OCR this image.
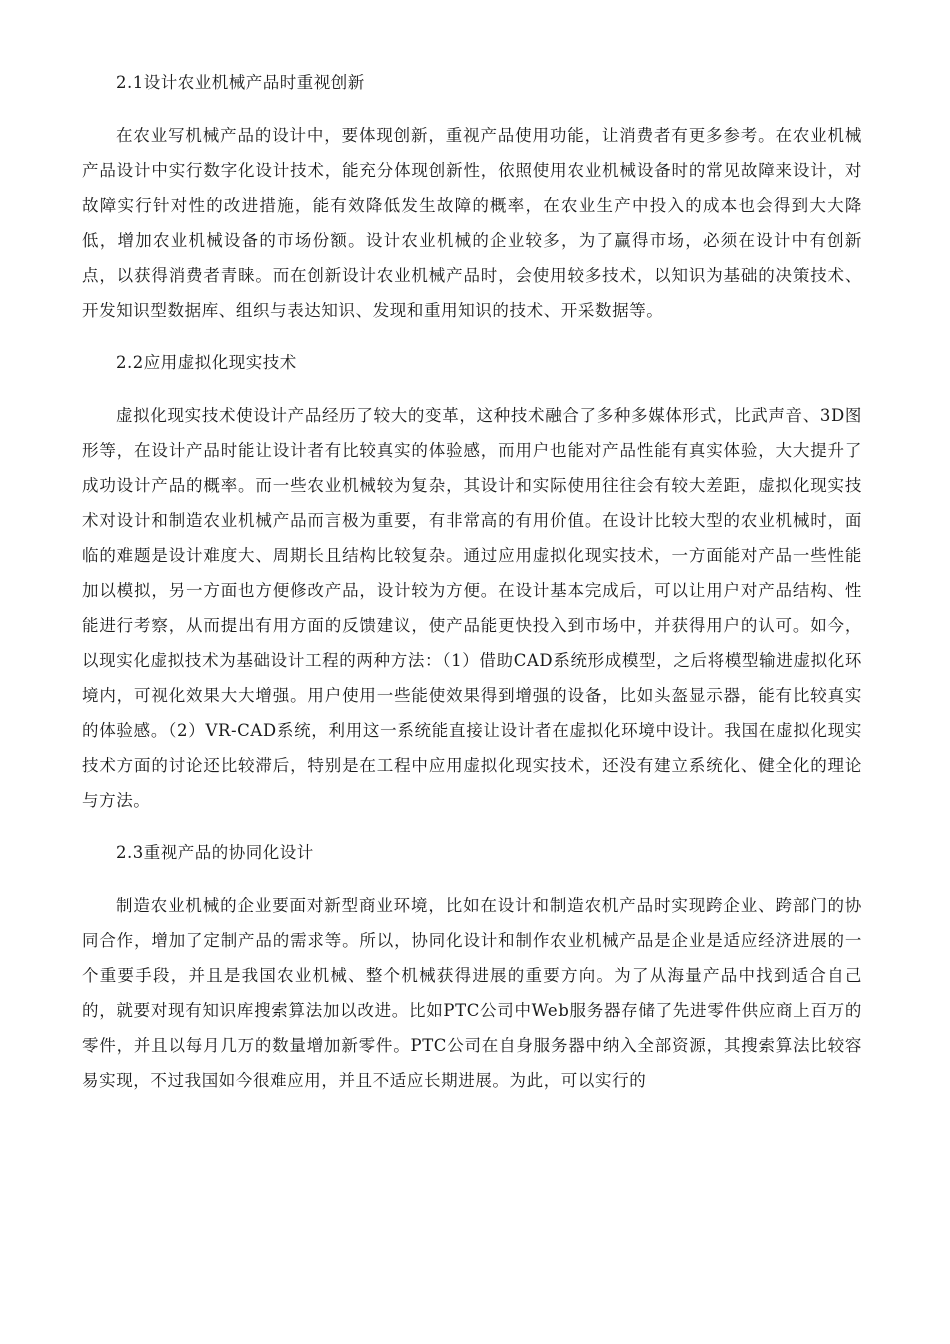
2.1设计农业机械产品时重视创新

在农业写机械产品的设计中，要体现创新，重视产品使用功能，让消费者有更多参考。在农业机械产品设计中实行数字化设计技术，能充分体现创新性，依照使用农业机械设备时的常见故障来设计，对故障实行针对性的改进措施，能有效降低发生故障的概率，在农业生产中投入的成本也会得到大大降低，增加农业机械设备的市场份额。设计农业机械的企业较多，为了赢得市场，必须在设计中有创新点，以获得消费者青睐。而在创新设计农业机械产品时，会使用较多技术，以知识为基础的决策技术、开发知识型数据库、组织与表达知识、发现和重用知识的技术、开采数据等。

2.2应用虚拟化现实技术

虚拟化现实技术使设计产品经历了较大的变革，这种技术融合了多种多媒体形式，比武声音、3D图形等，在设计产品时能让设计者有比较真实的体验感，而用户也能对产品性能有真实体验，大大提升了成功设计产品的概率。而一些农业机械较为复杂，其设计和实际使用往往会有较大差距，虚拟化现实技术对设计和制造农业机械产品而言极为重要，有非常高的有用价值。在设计比较大型的农业机械时，面临的难题是设计难度大、周期长且结构比较复杂。通过应用虚拟化现实技术，一方面能对产品一些性能加以模拟，另一方面也方便修改产品，设计较为方便。在设计基本完成后，可以让用户对产品结构、性能进行考察，从而提出有用方面的反馈建议，使产品能更快投入到市场中，并获得用户的认可。如今，以现实化虚拟技术为基础设计工程的两种方法：（1）借助CAD系统形成模型，之后将模型输进虚拟化环境内，可视化效果大大增强。用户使用一些能使效果得到增强的设备，比如头盔显示器，能有比较真实的体验感。（2）VR-CAD系统，利用这一系统能直接让设计者在虚拟化环境中设计。我国在虚拟化现实技术方面的讨论还比较滞后，特别是在工程中应用虚拟化现实技术，还没有建立系统化、健全化的理论与方法。

2.3重视产品的协同化设计

制造农业机械的企业要面对新型商业环境，比如在设计和制造农机产品时实现跨企业、跨部门的协同合作，增加了定制产品的需求等。所以，协同化设计和制作农业机械产品是企业是适应经济进展的一个重要手段，并且是我国农业机械、整个机械获得进展的重要方向。为了从海量产品中找到适合自己的，就要对现有知识库搜索算法加以改进。比如PTC公司中Web服务器存储了先进零件供应商上百万的零件，并且以每月几万的数量增加新零件。PTC公司在自身服务器中纳入全部资源，其搜索算法比较容易实现，不过我国如今很难应用，并且不适应长期进展。为此，可以实行的
